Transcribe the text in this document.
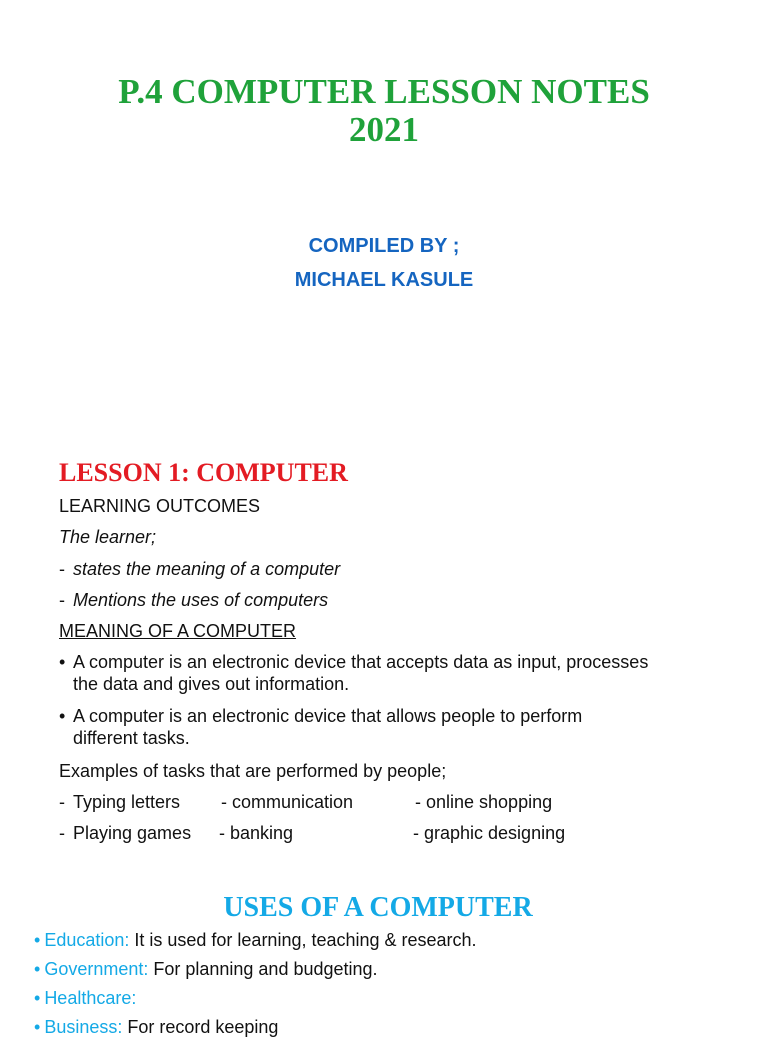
P.4 COMPUTER LESSON NOTES
2021
COMPILED BY ;
MICHAEL KASULE
LESSON 1: COMPUTER
LEARNING OUTCOMES
The learner;
- states the meaning of a computer
- Mentions the uses of computers
MEANING OF A COMPUTER
• A computer is an electronic device that accepts data as input, processes
the data and gives out information.
• A computer is an electronic device that allows people to perform
different tasks.
Examples of tasks that are performed by people;
- Typing letters - communication	- online shopping
- Playing games - banking	- graphic designing
USES OF A COMPUTER
• Education: It is used for learning, teaching & research.
• Government: For planning and budgeting.
• Healthcare:
• Business: For record keeping
